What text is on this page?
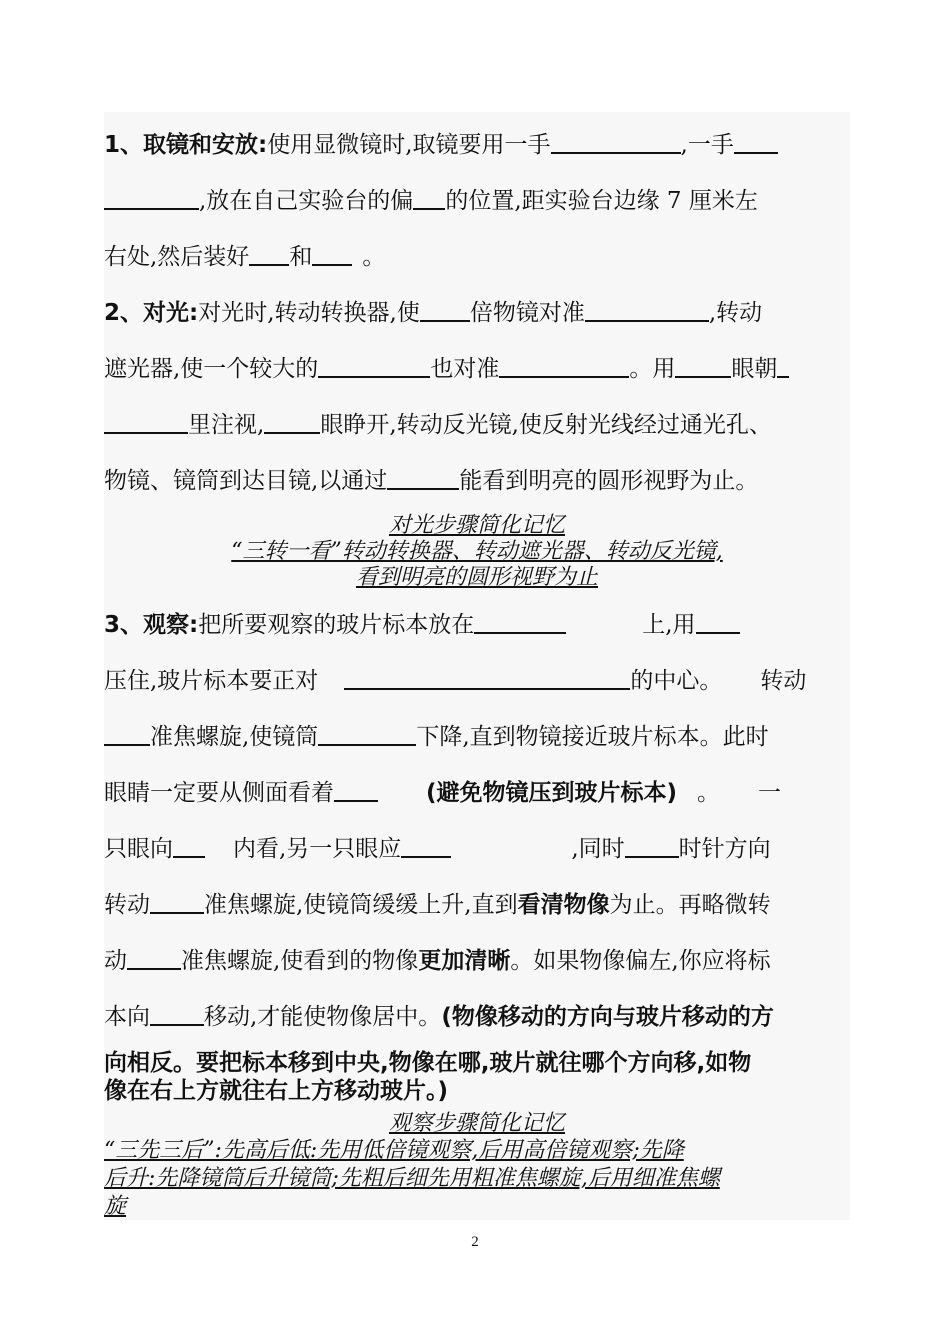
1、取镜和安放:使用显微镜时,取镜要用一手	,一手
,放在自己实验台的偏 的位置,距实验台边缘 7 厘米左
右处,然后装好 和 。
2、对光:对光时,转动转换器,使 倍物镜对准	,转动
遮光器,使一个较大的	也对准	。用 眼朝
里注视, 眼睁开,转动反光镜,使反射光线经过通光孔、
物镜、镜筒到达目镜,以通过	能看到明亮的圆形视野为止。
对光步骤简化记忆
“三转一看”转动转换器、转动遮光器、转动反光镜,
看到明亮的圆形视野为止
3、观察:把所要观察的玻片标本放在	上,用
压住,玻片标本要正对	的中心。 转动
准焦螺旋,使镜筒	下降,直到物镜接近玻片标本。此时
眼睛一定要从侧面看着	(避免物镜压到玻片标本) 。 一
只眼向	内看,另一只眼应	,同时 时针方向
转动 准焦螺旋,使镜筒缓缓上升,直到看清物像为止。再略微转
动 准焦螺旋,使看到的物像更加清晰。如果物像偏左,你应将标
本向 移动,才能使物像居中。(物像移动的方向与玻片移动的方
向相反。要把标本移到中央,物像在哪,玻片就往哪个方向移,如物
像在右上方就往右上方移动玻片。)
观察步骤简化记忆
“三先三后”:先高后低:先用低倍镜观察,后用高倍镜观察;先降
后升:先降镜筒后升镜筒;先粗后细先用粗准焦螺旋,后用细准焦螺
旋
2
